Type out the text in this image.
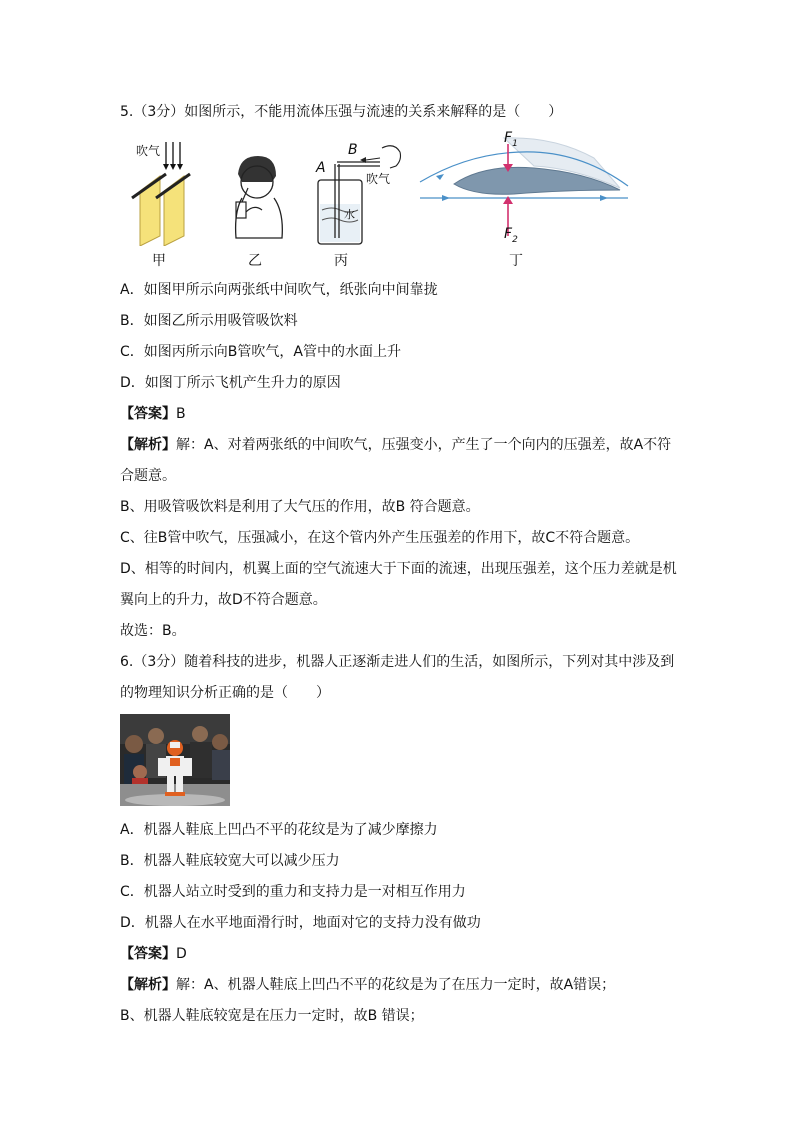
5.（3分）如图所示，不能用流体压强与流速的关系来解释的是（　　）
吹气
A
B
吹气
水
$F_1$
$F_2$
甲	乙	丙	丁
A．如图甲所示向两张纸中间吹气，纸张向中间靠拢
B．如图乙所示用吸管吸饮料
C．如图丙所示向B管吹气，A管中的水面上升
D．如图丁所示飞机产生升力的原因
【答案】B
【解析】解：A、对着两张纸的中间吹气，压强变小，产生了一个向内的压强差，故A不符
合题意。
B、用吸管吸饮料是利用了大气压的作用，故B 符合题意。
C、往B管中吹气，压强减小，在这个管内外产生压强差的作用下，故C不符合题意。
D、相等的时间内，机翼上面的空气流速大于下面的流速，出现压强差，这个压力差就是机
翼向上的升力，故D不符合题意。
故选：B。
6.（3分）随着科技的进步，机器人正逐渐走进人们的生活，如图所示，下列对其中涉及到
的物理知识分析正确的是（　　）
A．机器人鞋底上凹凸不平的花纹是为了减少摩擦力
B．机器人鞋底较宽大可以减少压力
C．机器人站立时受到的重力和支持力是一对相互作用力
D．机器人在水平地面滑行时，地面对它的支持力没有做功
【答案】D
【解析】解：A、机器人鞋底上凹凸不平的花纹是为了在压力一定时，故A错误；
B、机器人鞋底较宽是在压力一定时，故B 错误；
